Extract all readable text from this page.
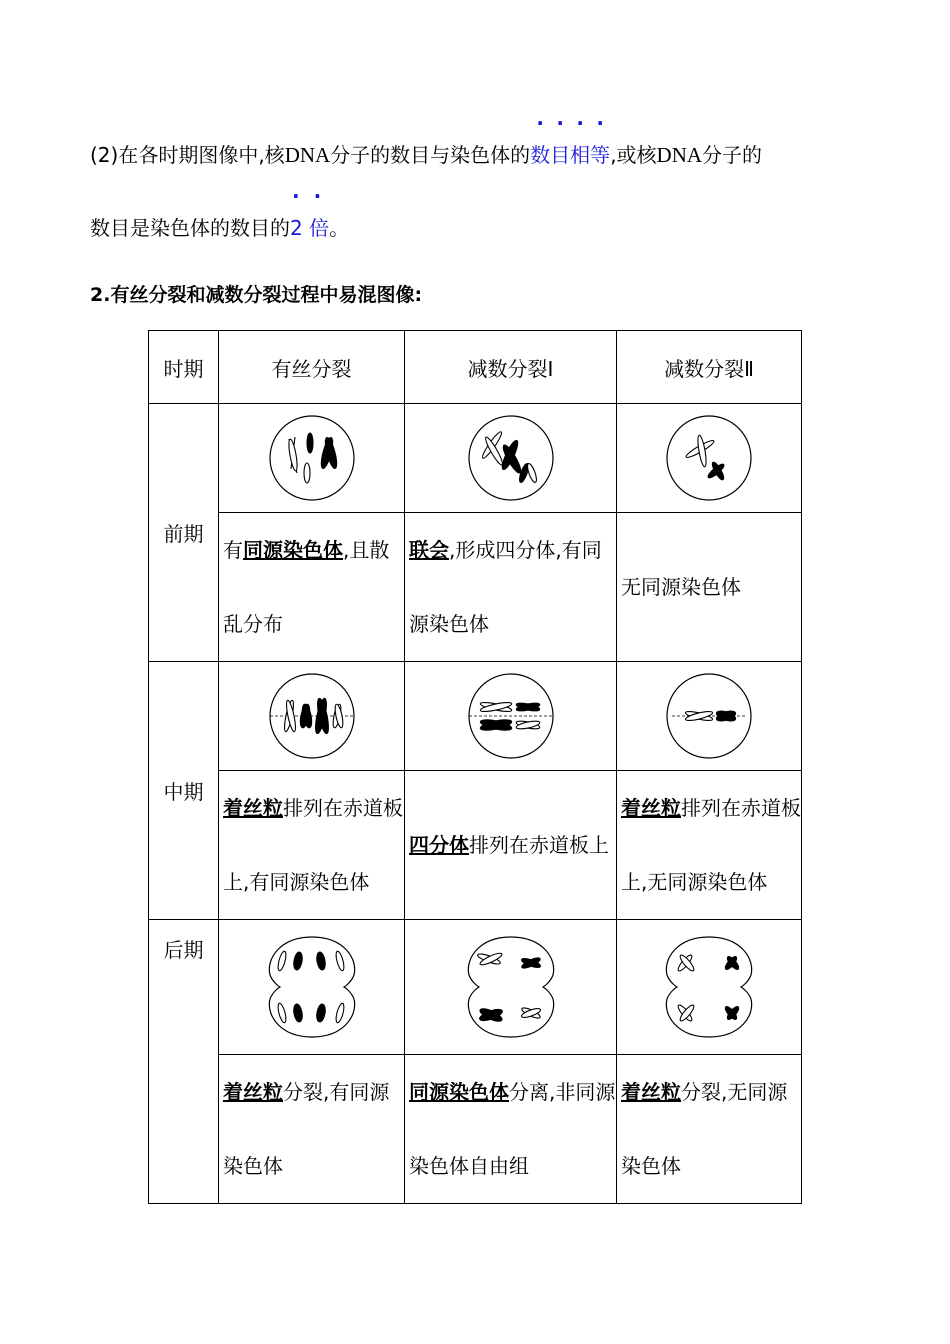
(2)在各时期图像中,核DNA分子的数目与染色体的
· · · ·
数目相等,或核DNA分子的
数目是染色体的数目的
· ·
2 倍。
2.有丝分裂和减数分裂过程中易混图像:
时期	有丝分裂	减数分裂Ⅰ	减数分裂Ⅱ
前期	

	有同源染色体,且散乱分布	联会,形成四分体,有同源染色体	无同源染色体
中期	

	着丝粒排列在赤道板上,有同源染色体	四分体排列在赤道板上	着丝粒排列在赤道板上,无同源染色体
后期	

	着丝粒分裂,有同源染色体	同源染色体分离,非同源染色体自由组	着丝粒分裂,无同源染色体
